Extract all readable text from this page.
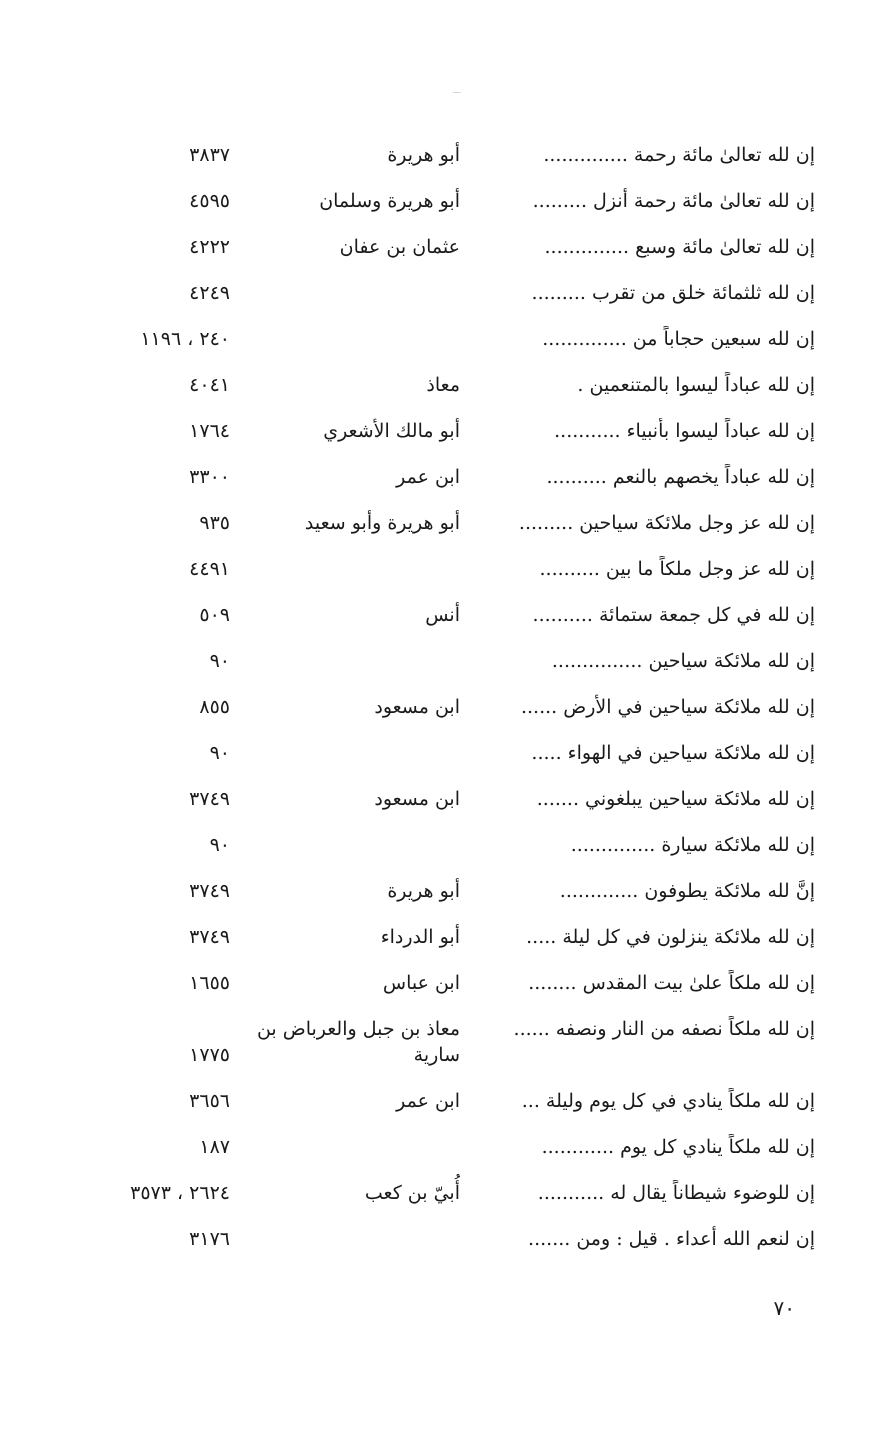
إن لله تعالىٰ مائة رحمة ..............
أبو هريرة
٣٨٣٧
إن لله تعالىٰ مائة رحمة أنزل .........
أبو هريرة وسلمان
٤٥٩٥
إن لله تعالىٰ مائة وسبع ..............
عثمان بن عفان
٤٢٢٢
إن لله ثلثمائة خلق من تقرب .........
٤٢٤٩
إن لله سبعين حجاباً من ..............
٢٤٠ ، ١١٩٦
إن لله عباداً ليسوا بالمتنعمين .
معاذ
٤٠٤١
إن لله عباداً ليسوا بأنبياء ...........
أبو مالك الأشعري
١٧٦٤
إن لله عباداً يخصهم بالنعم ..........
ابن عمر
٣٣٠٠
إن لله عز وجل ملائكة سياحين .........
أبو هريرة وأبو سعيد
٩٣٥
إن لله عز وجل ملكاً ما بين ..........
٤٤٩١
إن لله في كل جمعة ستمائة ..........
أنس
٥٠٩
إن لله ملائكة سياحين ...............
٩٠
إن لله ملائكة سياحين في الأرض ......
ابن مسعود
٨٥٥
إن لله ملائكة سياحين في الهواء .....
٩٠
إن لله ملائكة سياحين يبلغوني .......
ابن مسعود
٣٧٤٩
إن لله ملائكة سيارة ..............
٩٠
إنَّ لله ملائكة يطوفون .............
أبو هريرة
٣٧٤٩
إن لله ملائكة ينزلون في كل ليلة .....
أبو الدرداء
٣٧٤٩
إن لله ملكاً علىٰ بيت المقدس ........
ابن عباس
١٦٥٥
إن لله ملكاً نصفه من النار ونصفه ......
معاذ بن جبل والعرباض بن سارية
١٧٧٥
إن لله ملكاً ينادي في كل يوم وليلة ...
ابن عمر
٣٦٥٦
إن لله ملكاً ينادي كل يوم ............
١٨٧
إن للوضوء شيطاناً يقال له ...........
أُبيّ بن كعب
٢٦٢٤ ، ٣٥٧٣
إن لنعم الله أعداء . قيل : ومن .......
٣١٧٦
٧٠
